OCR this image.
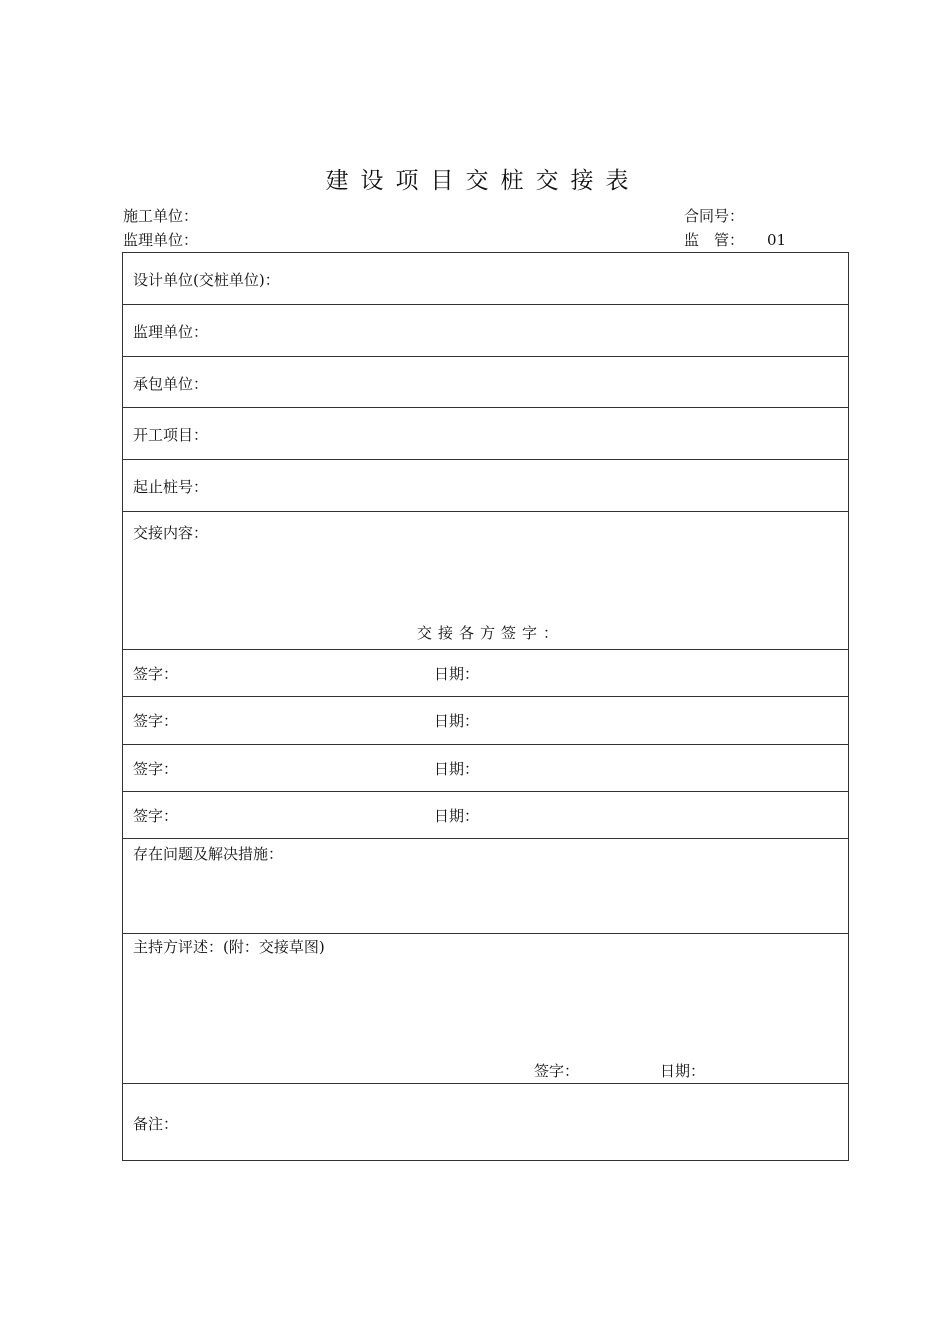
建设项目交桩交接表
施工单位：	合同号：
监理单位：	监　管： 01
设计单位(交桩单位)：
监理单位：
承包单位：
开工项目：
起止桩号：
交接内容：
交接各方签字：
签字：	日期：
签字：	日期：
签字：	日期：
签字：	日期：
存在问题及解决措施：
主持方评述：(附：交接草图)
签字：	日期：
备注：
